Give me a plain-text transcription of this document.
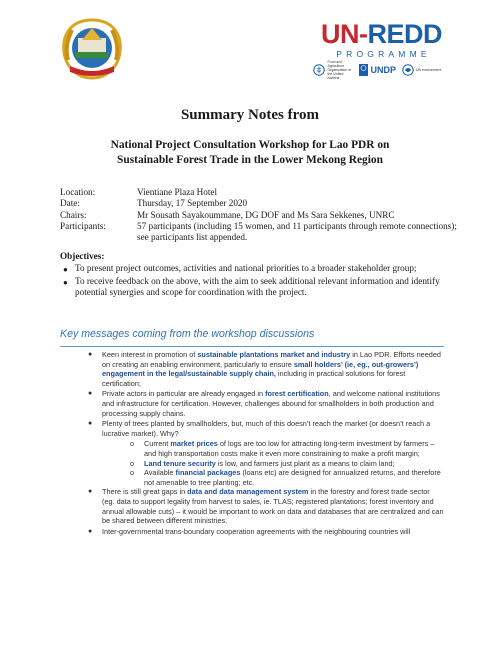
UN-REDD
PROGRAMME
Food and Agriculture Organization of the United Nations
UNDP	UN environment
Summary Notes from
National Project Consultation Workshop for Lao PDR on
Sustainable Forest Trade in the Lower Mekong Region
Location:	Vientiane Plaza Hotel
Date:	Thursday, 17 September 2020
Chairs:	Mr Sousath Sayakoummane, DG DOF and Ms Sara Sekkenes, UNRC
Participants:	57 participants (including 15 women, and 11 participants through remote connections); see participants list appended.
Objectives:
● To present project outcomes, activities and national priorities to a broader stakeholder group;
● To receive feedback on the above, with the aim to seek additional relevant information and identify potential synergies and scope for coordination with the project.
Key messages coming from the workshop discussions
●	Keen interest in promotion of sustainable plantations market and industry in Lao PDR. Efforts needed on creating an enabling environment, particularly to ensure small holders’ (ie, eg., out-growers’) engagement in the legal/sustainable supply chain, including in practical solutions for forest certification;
●	Private actors in particular are already engaged in forest certification, and welcome national institutions and infrastructure for certification. However, challenges abound for smallholders in both production and processing supply chains.
●	Plenty of trees planted by smallholders, but, much of this doesn’t reach the market (or doesn’t reach a lucrative market). Why?
o	Current market prices of logs are too low for attracting long-term investment by farmers – and high transportation costs make it even more constraining to make a profit margin;
o	Land tenure security is low, and farmers just plant as a means to claim land;
o	Available financial packages (loans etc) are designed for annualized returns, and therefore not amenable to tree planting; etc.
●	There is still great gaps in data and data management system in the forestry and forest trade sector (eg. data to support legality from harvest to sales, ie. TLAS; registered plantations; forest inventory and annual allowable cuts) – it would be important to work on data and databases that are centralized and can be shared between different ministries.
●	Inter-governmental trans-boundary cooperation agreements with the neighbouring countries will
